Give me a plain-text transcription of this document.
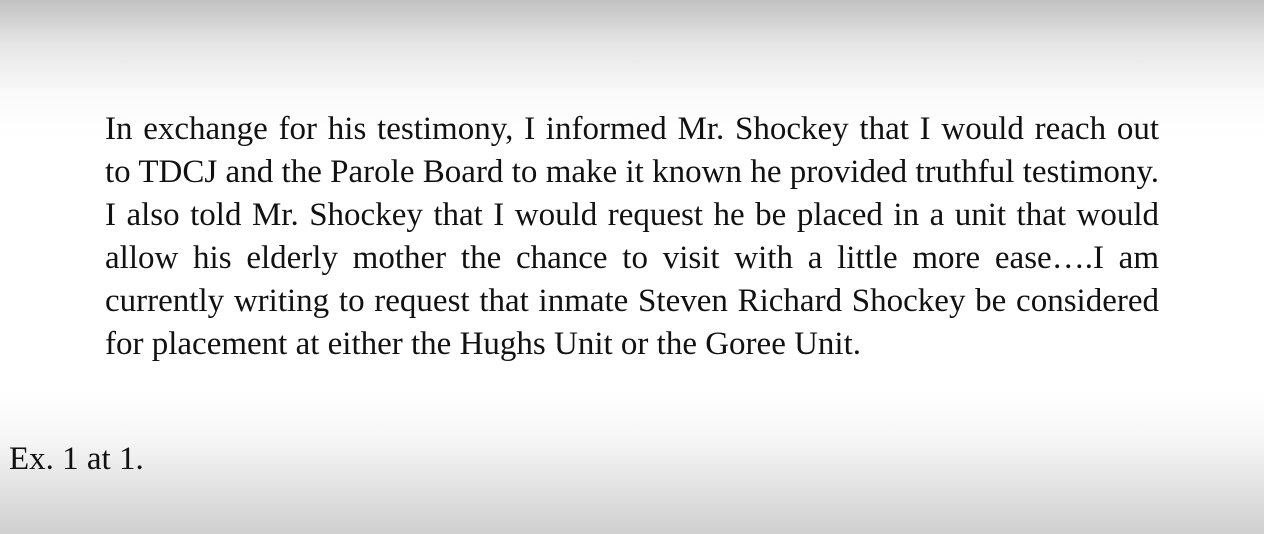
In exchange for his testimony, I informed Mr. Shockey that I would reach out to TDCJ and the Parole Board to make it known he provided truthful testimony.  I also told Mr. Shockey that I would request he be placed in a unit that would allow his elderly mother the chance to visit with a little more ease….I am currently writing to request that inmate Steven Richard Shockey be considered for placement at either the Hughs Unit or the Goree Unit.

Ex. 1 at 1.
